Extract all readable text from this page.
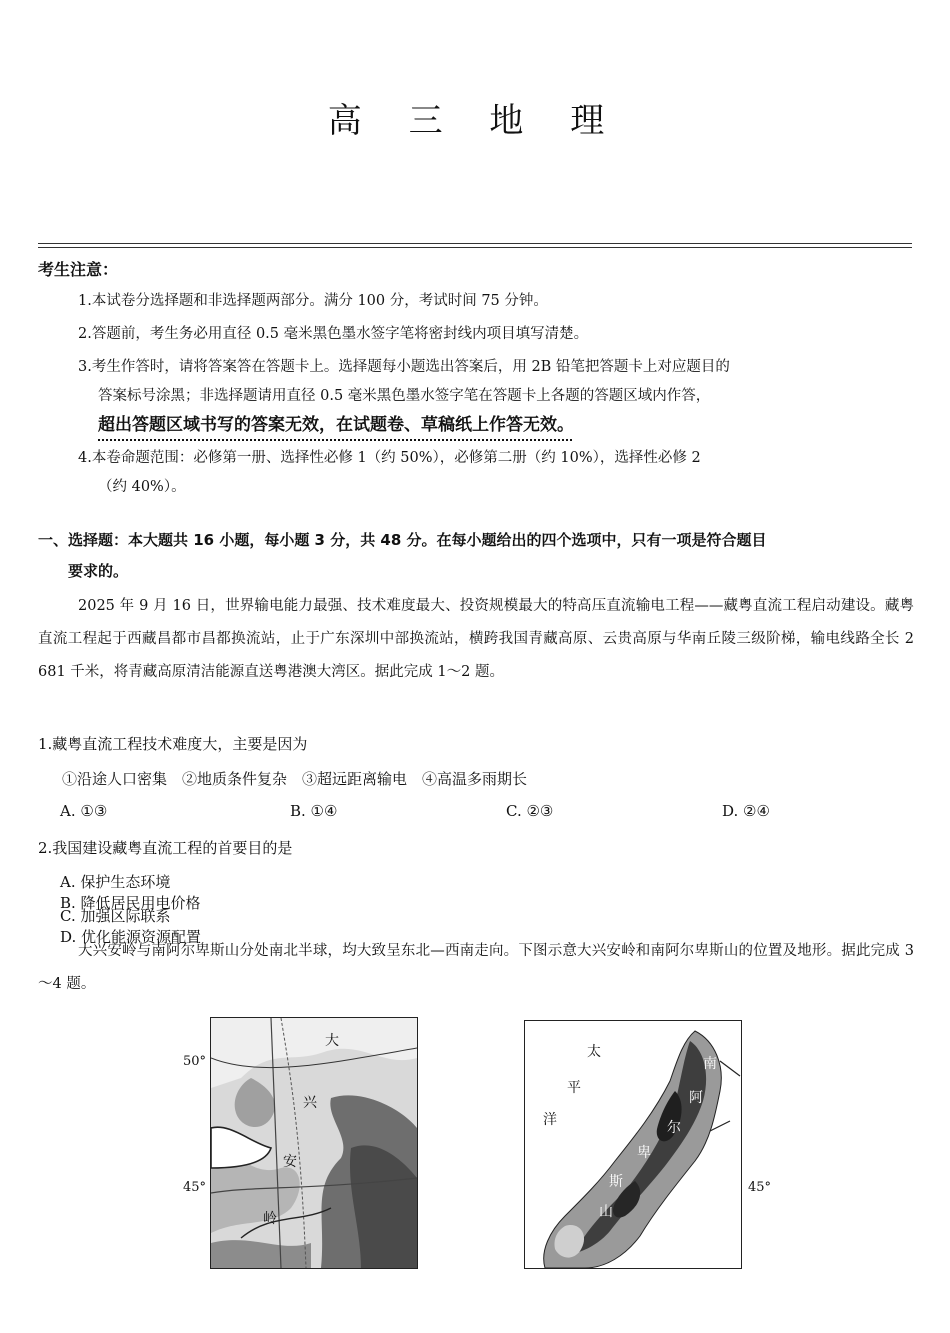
高 三 地 理
考生注意：
1.本试卷分选择题和非选择题两部分。满分 100 分，考试时间 75 分钟。
2.答题前，考生务必用直径 0.5 毫米黑色墨水签字笔将密封线内项目填写清楚。
3.考生作答时，请将答案答在答题卡上。选择题每小题选出答案后，用 2B 铅笔把答题卡上对应题目的
答案标号涂黑；非选择题请用直径 0.5 毫米黑色墨水签字笔在答题卡上各题的答题区域内作答，
超出答题区域书写的答案无效，在试题卷、草稿纸上作答无效。
4.本卷命题范围：必修第一册、选择性必修 1（约 50%），必修第二册（约 10%），选择性必修 2
（约 40%）。
一、选择题：本大题共 16 小题，每小题 3 分，共 48 分。在每小题给出的四个选项中，只有一项是符合题目
要求的。
2025 年 9 月 16 日，世界输电能力最强、技术难度最大、投资规模最大的特高压直流输电工程——藏粤直流工程启动建设。藏粤直流工程起于西藏昌都市昌都换流站，止于广东深圳中部换流站，横跨我国青藏高原、云贵高原与华南丘陵三级阶梯，输电线路全长 2 681 千米，将青藏高原清洁能源直送粤港澳大湾区。据此完成 1～2 题。
1.藏粤直流工程技术难度大，主要是因为
①沿途人口密集　②地质条件复杂　③超远距离输电　④高温多雨期长
A. ①③	B. ①④	C. ②③	D. ②④
2.我国建设藏粤直流工程的首要目的是
A. 保护生态环境B. 降低居民用电价格
C. 加强区际联系D. 优化能源资源配置
大兴安岭与南阿尔卑斯山分处南北半球，均大致呈东北—西南走向。下图示意大兴安岭和南阿尔卑斯山的位置及地形。据此完成 3～4 题。
50°
45°
大
兴
安
岭
45°
太
平
洋
南
阿
尔
卑
斯
山
